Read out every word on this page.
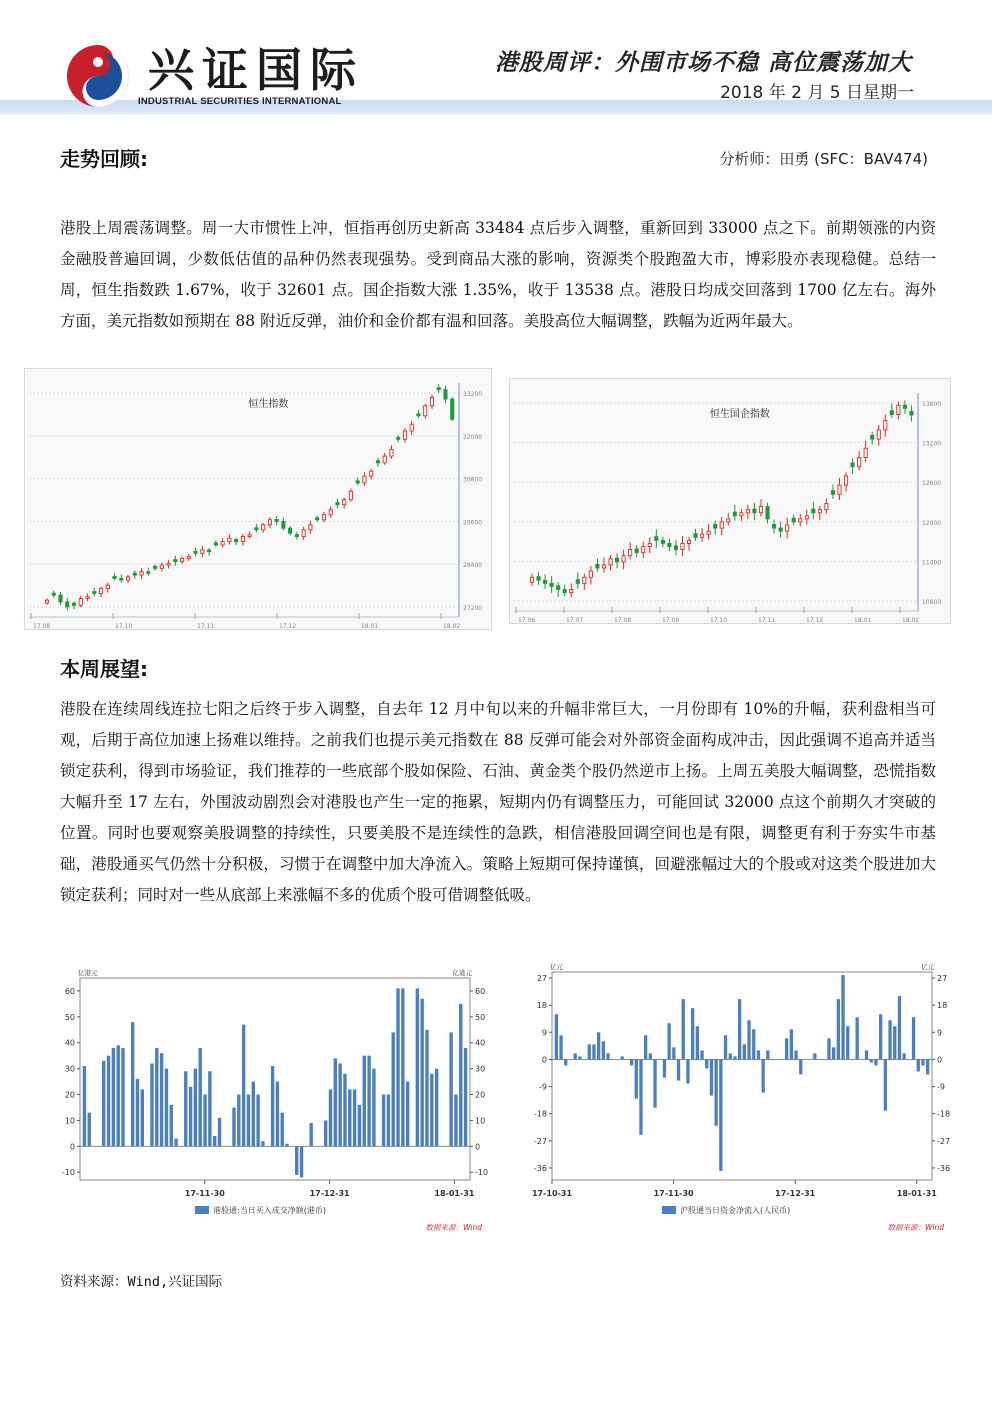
兴证国际
INDUSTRIAL SECURITIES INTERNATIONAL
港股周评：外围市场不稳 高位震荡加大
2018 年 2 月 5 日星期一
走势回顾:	分析师：田勇 (SFC：BAV474)
港股上周震荡调整。周一大市惯性上冲，恒指再创历史新高 33484 点后步入调整，重新回到 33000 点之下。前期领涨的内资金融股普遍回调，少数低估值的品种仍然表现强势。受到商品大涨的影响，资源类个股跑盈大市，博彩股亦表现稳健。总结一周，恒生指数跌 1.67%，收于 32601 点。国企指数大涨 1.35%，收于 13538 点。港股日均成交回落到 1700 亿左右。海外方面，美元指数如预期在 88 附近反弹，油价和金价都有温和回落。美股高位大幅调整，跌幅为近两年最大。
33200
32000
30800
29600
28400
27200
17.08	17.10	17.11	17.12	18.01	18.02
恒生指数	13800
13200
12600
12000
11400
10800
17.06	17.07	17.08	17.09	17.10	17.11	17.12	18.01	18.02
恒生国企指数
本周展望:
港股在连续周线连拉七阳之后终于步入调整，自去年 12 月中旬以来的升幅非常巨大，一月份即有 10%的升幅，获利盘相当可观，后期于高位加速上扬难以维持。之前我们也提示美元指数在 88 反弹可能会对外部资金面构成冲击，因此强调不追高并适当锁定获利，得到市场验证，我们推荐的一些底部个股如保险、石油、黄金类个股仍然逆市上扬。上周五美股大幅调整，恐慌指数大幅升至 17 左右，外围波动剧烈会对港股也产生一定的拖累，短期内仍有调整压力，可能回试 32000 点这个前期久才突破的位置。同时也要观察美股调整的持续性，只要美股不是连续性的急跌，相信港股回调空间也是有限，调整更有利于夯实牛市基础，港股通买气仍然十分积极，习惯于在调整中加大净流入。策略上短期可保持谨慎，回避涨幅过大的个股或对这类个股进加大锁定获利；同时对一些从底部上来涨幅不多的优质个股可借调整低吸。
60	60
50	50
40	40
30	30
20	20
10	10
0	0
-10	-10
亿港元	亿港元
17-11-30	17-12-31	18-01-31
港股通:当日买入成交净额(港币)
数据来源：Wind
27	27
18	18
9	9
0	0
-9	-9
-18	-18
-27	-27
-36	-36
亿元	亿元
17-10-31	17-11-30	17-12-31	18-01-31
沪股通当日资金净流入(人民币)
数据来源：Wind
资料来源：Wind,兴证国际
